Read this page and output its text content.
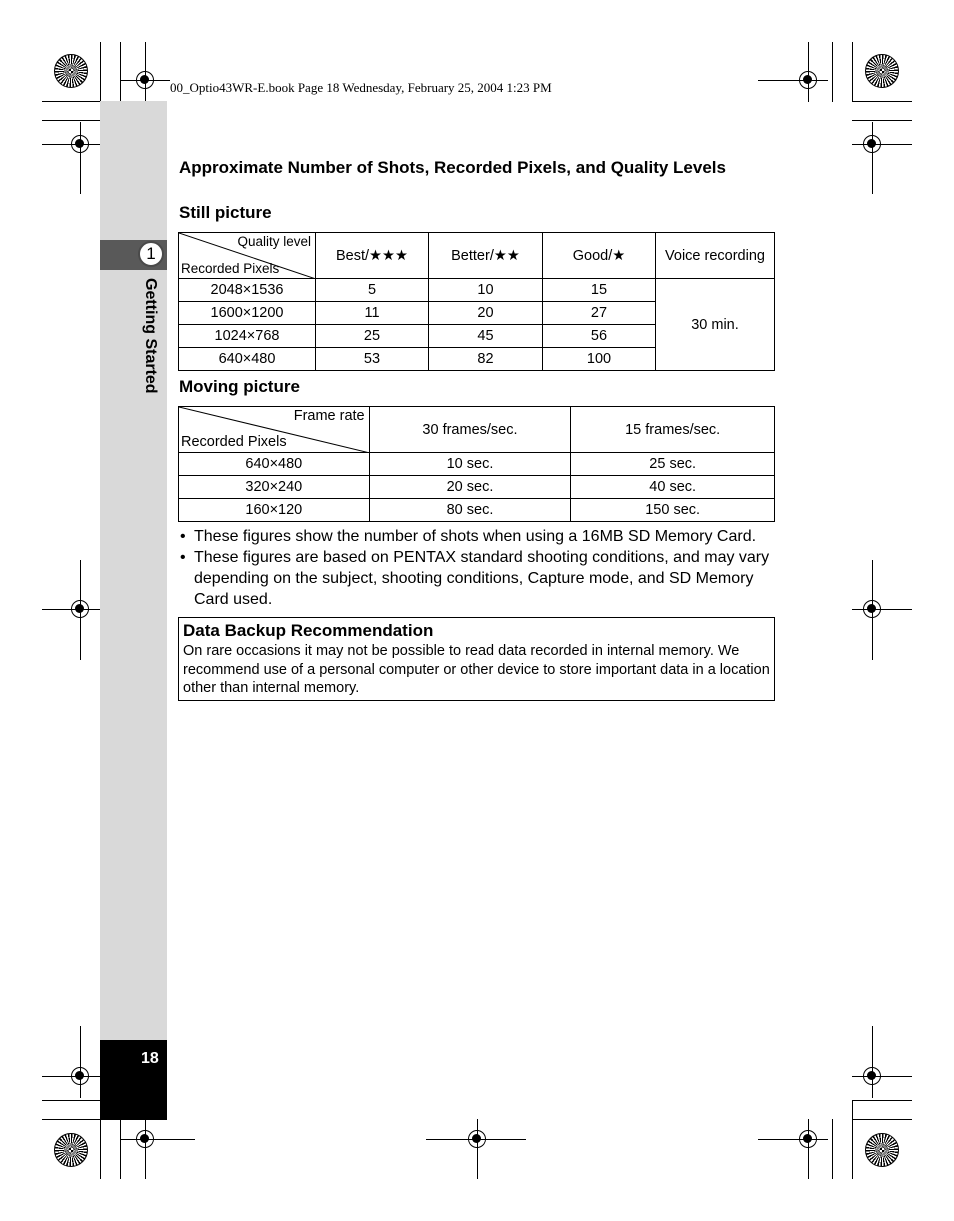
00_Optio43WR-E.book Page 18 Wednesday, February 25, 2004 1:23 PM
1
Getting Started
18
Approximate Number of Shots, Recorded Pixels, and Quality Levels
Still picture
Quality level
Recorded Pixels	Best/★★★	Better/★★	Good/★	Voice recording
2048×1536	5	10	15	30 min.
1600×1200	11	20	27	
1024×768	25	45	56	
640×480	53	82	100	
Moving picture
Frame rate
Recorded Pixels	30 frames/sec.	15 frames/sec.
640×480	10 sec.	25 sec.
320×240	20 sec.	40 sec.
160×120	80 sec.	150 sec.
• These figures show the number of shots when using a 16MB SD Memory Card.
• These figures are based on PENTAX standard shooting conditions, and may vary depending on the subject, shooting conditions, Capture mode, and SD Memory Card used.
Data Backup Recommendation
On rare occasions it may not be possible to read data recorded in internal memory. We recommend use of a personal computer or other device to store important data in a location other than internal memory.
